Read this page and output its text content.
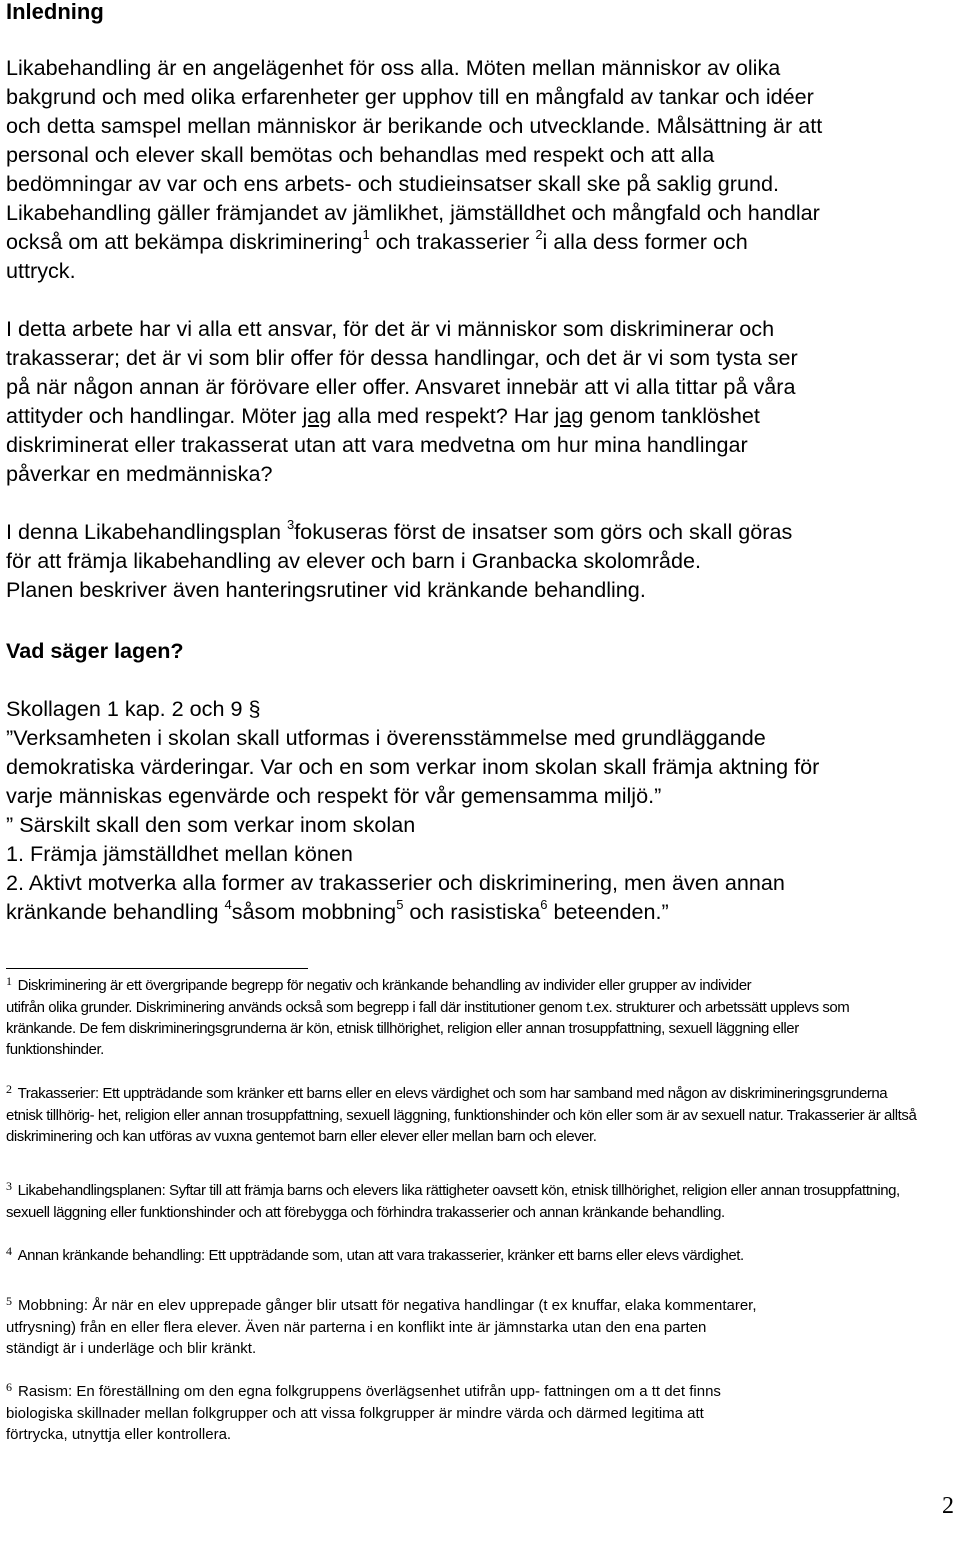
Inledning
Likabehandling är en angelägenhet för oss alla. Möten mellan människor av olika
bakgrund och med olika erfarenheter ger upphov till en mångfald av tankar och idéer
och detta samspel mellan människor är berikande och utvecklande. Målsättning är att
personal och elever skall bemötas och behandlas med respekt och att alla
bedömningar av var och ens arbets- och studieinsatser skall ske på saklig grund.
Likabehandling gäller främjandet av jämlikhet, jämställdhet och mångfald och handlar
också om att bekämpa diskriminering$^1$ och trakasserier $^2$i alla dess former och
uttryck.
I detta arbete har vi alla ett ansvar, för det är vi människor som diskriminerar och
trakasserar; det är vi som blir offer för dessa handlingar, och det är vi som tysta ser
på när någon annan är förövare eller offer. Ansvaret innebär att vi alla tittar på våra
attityder och handlingar. Möter jag alla med respekt? Har jag genom tanklöshet
diskriminerat eller trakasserat utan att vara medvetna om hur mina handlingar
påverkar en medmänniska?
I denna Likabehandlingsplan $^3$fokuseras först de insatser som görs och skall göras
för att främja likabehandling av elever och barn i Granbacka skolområde.
Planen beskriver även hanteringsrutiner vid kränkande behandling.
Vad säger lagen?
Skollagen 1 kap. 2 och 9 §
”Verksamheten i skolan skall utformas i överensstämmelse med grundläggande
demokratiska värderingar. Var och en som verkar inom skolan skall främja aktning för
varje människas egenvärde och respekt för vår gemensamma miljö.”
” Särskilt skall den som verkar inom skolan
1. Främja jämställdhet mellan könen
2. Aktivt motverka alla former av trakasserier och diskriminering, men även annan
kränkande behandling $^4$såsom mobbning$^5$ och rasistiska$^6$ beteenden.”
$^1$ Diskriminering är ett övergripande begrepp för negativ och kränkande behandling av individer eller grupper av individer
utifrån olika grunder. Diskriminering används också som begrepp i fall där institutioner genom t.ex. strukturer och arbetssätt upplevs som
kränkande. De fem diskrimineringsgrunderna är kön, etnisk tillhörighet, religion eller annan trosuppfattning, sexuell läggning eller
funktionshinder.
$^2$ Trakasserier: Ett uppträdande som kränker ett barns eller en elevs värdighet och som har samband med någon av diskrimineringsgrunderna
etnisk tillhörig- het, religion eller annan trosuppfattning, sexuell läggning, funktionshinder och kön eller som är av sexuell natur. Trakasserier är alltså
diskriminering och kan utföras av vuxna gentemot barn eller elever eller mellan barn och elever.
$^3$ Likabehandlingsplanen: Syftar till att främja barns och elevers lika rättigheter oavsett kön, etnisk tillhörighet, religion eller annan trosuppfattning,
sexuell läggning eller funktionshinder och att förebygga och förhindra trakasserier och annan kränkande behandling.
$^4$ Annan kränkande behandling: Ett uppträdande som, utan att vara trakasserier, kränker ett barns eller elevs värdighet.
$^5$ Mobbning: År när en elev upprepade gånger blir utsatt för negativa handlingar (t ex knuffar, elaka kommentarer,
utfrysning) från en eller flera elever. Även när parterna i en konflikt inte är jämnstarka utan den ena parten
ständigt är i underläge och blir kränkt.
$^6$ Rasism: En föreställning om den egna folkgruppens överlägsenhet utifrån upp- fattningen om a tt det finns
biologiska skillnader mellan folkgrupper och att vissa folkgrupper är mindre värda och därmed legitima att
förtrycka, utnyttja eller kontrollera.
2
